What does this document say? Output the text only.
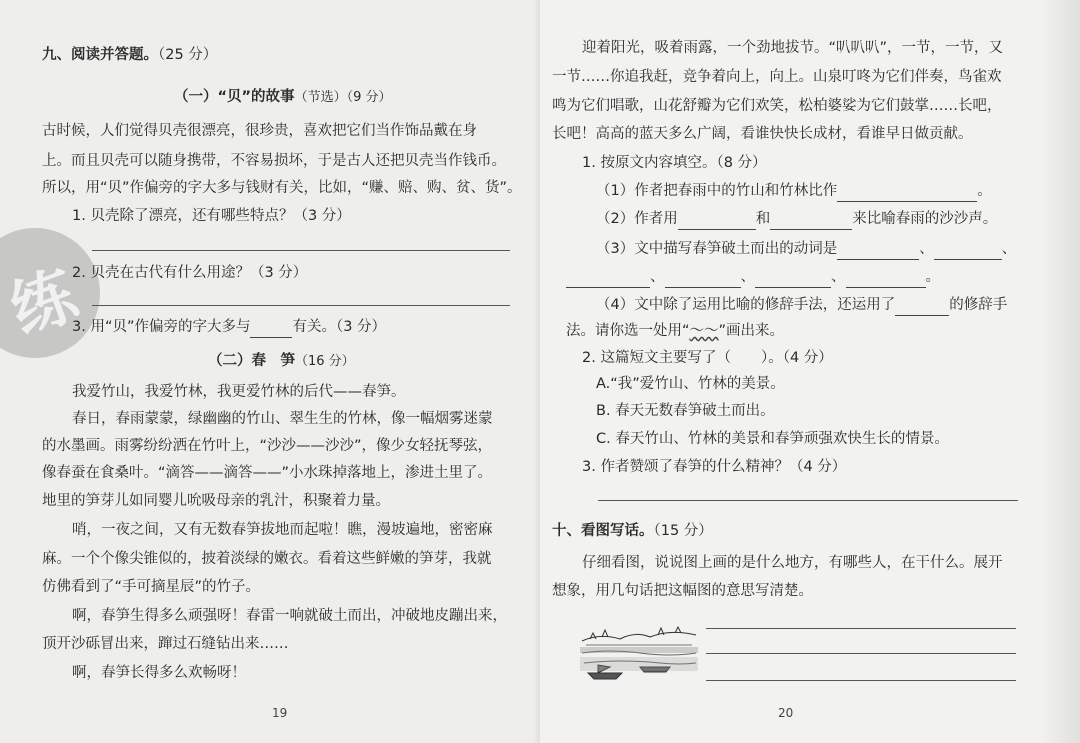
练
九、阅读并答题。（25 分）
（一）“贝”的故事（节选）（9 分）
古时候，人们觉得贝壳很漂亮，很珍贵，喜欢把它们当作饰品戴在身
上。而且贝壳可以随身携带，不容易损坏，于是古人还把贝壳当作钱币。
所以，用“贝”作偏旁的字大多与钱财有关，比如，“赚、赔、购、贫、货”。
1. 贝壳除了漂亮，还有哪些特点？（3 分）
2. 贝壳在古代有什么用途？（3 分）
3. 用“贝”作偏旁的字大多与	有关。（3 分）
（二）春　笋（16 分）
我爱竹山，我爱竹林，我更爱竹林的后代——春笋。
春日，春雨蒙蒙，绿幽幽的竹山、翠生生的竹林，像一幅烟雾迷蒙
的水墨画。雨雾纷纷洒在竹叶上，“沙沙——沙沙”，像少女轻抚琴弦，
像春蚕在食桑叶。“滴答——滴答——”小水珠掉落地上，渗进土里了。
地里的笋芽儿如同婴儿吮吸母亲的乳汁，积聚着力量。
哨，一夜之间，又有无数春笋拔地而起啦！瞧，漫坡遍地，密密麻
麻。一个个像尖锥似的，披着淡绿的嫩衣。看着这些鲜嫩的笋芽，我就
仿佛看到了“手可摘星辰”的竹子。
啊，春笋生得多么顽强呀！春雷一响就破土而出，冲破地皮蹦出来，
顶开沙砾冒出来，蹿过石缝钻出来……
啊，春笋长得多么欢畅呀！
19
迎着阳光，吸着雨露，一个劲地拔节。“叭叭叭”，一节，一节，又
一节……你追我赶，竞争着向上，向上。山泉叮咚为它们伴奏，鸟雀欢
鸣为它们唱歌，山花舒瓣为它们欢笑，松柏婆娑为它们鼓掌……长吧，
长吧！高高的蓝天多么广阔，看谁快快长成材，看谁早日做贡献。
1. 按原文内容填空。（8 分）
（1）作者把春雨中的竹山和竹林比作	。
（2）作者用	和	来比喻春雨的沙沙声。
（3）文中描写春笋破土而出的动词是	、	、
、	、	、	。
（4）文中除了运用比喻的修辞手法，还运用了	的修辞手
法。请你选一处用“～～”画出来。
2. 这篇短文主要写了（ ）。（4 分）
A.“我”爱竹山、竹林的美景。
B. 春天无数春笋破土而出。
C. 春天竹山、竹林的美景和春笋顽强欢快生长的情景。
3. 作者赞颂了春笋的什么精神？（4 分）
十、看图写话。（15 分）
仔细看图，说说图上画的是什么地方，有哪些人，在干什么。展开
想象，用几句话把这幅图的意思写清楚。
20
